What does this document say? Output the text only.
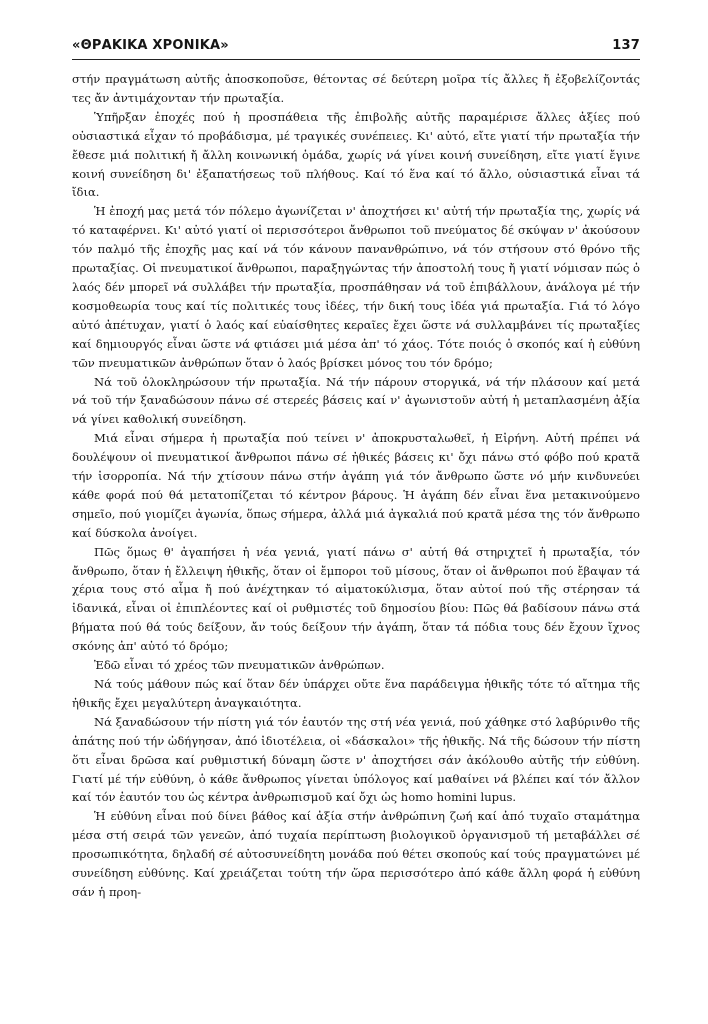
«ΘΡΑΚΙΚΑ ΧΡΟΝΙΚΑ»	137

στήν πραγμάτωση αὐτῆς ἀποσκοποῦσε, θέτοντας σέ δεύτερη μοῖρα τίς ἄλλες ἤ ἐξοβελίζοντάς τες ἄν ἀντιμάχονταν τήν πρωταξία.

Ὑπῆρξαν ἐποχές πού ἡ προσπάθεια τῆς ἐπιβολῆς αὐτῆς παραμέρισε ἄλλες ἀξίες πού οὐσιαστικά εἶχαν τό προβάδισμα, μέ τραγικές συνέπειες. Κι' αὐτό, εἴτε γιατί τήν πρωταξία τήν ἔθεσε μιά πολιτική ἤ ἄλλη κοινωνική ὁμάδα, χωρίς νά γίνει κοινή συνείδηση, εἴτε γιατί ἔγινε κοινή συνείδηση δι' ἐξαπατήσεως τοῦ πλήθους. Καί τό ἕνα καί τό ἄλλο, οὐσιαστικά εἶναι τά ἴδια.

Ἡ ἐποχή μας μετά τόν πόλεμο ἀγωνίζεται ν' ἀποχτήσει κι' αὐτή τήν πρωταξία της, χωρίς νά τό καταφέρνει. Κι' αὐτό γιατί οἱ περισσότεροι ἄνθρωποι τοῦ πνεύματος δέ σκύψαν ν' ἀκούσουν τόν παλμό τῆς ἐποχῆς μας καί νά τόν κάνουν πανανθρώπινο, νά τόν στήσουν στό θρόνο τῆς πρωταξίας. Οἱ πνευματικοί ἄνθρωποι, παραξηγώντας τήν ἀποστολή τους ἤ γιατί νόμισαν πώς ὁ λαός δέν μπορεῖ νά συλλάβει τήν πρωταξία, προσπάθησαν νά τοῦ ἐπιβάλλουν, ἀνάλογα μέ τήν κοσμοθεωρία τους καί τίς πολιτικές τους ἰδέες, τήν δική τους ἰδέα γιά πρωταξία. Γιά τό λόγο αὐτό ἀπέτυχαν, γιατί ὁ λαός καί εὐαίσθητες κεραῖες ἔχει ὥστε νά συλλαμβάνει τίς πρωταξίες καί δημιουργός εἶναι ὥστε νά φτιάσει μιά μέσα ἀπ' τό χάος. Τότε ποιός ὁ σκοπός καί ἡ εὐθύνη τῶν πνευματικῶν ἀνθρώπων ὅταν ὁ λαός βρίσκει μόνος του τόν δρόμο;

Νά τοῦ ὁλοκληρώσουν τήν πρωταξία. Νά τήν πάρουν στοργικά, νά τήν πλάσουν καί μετά νά τοῦ τήν ξαναδώσουν πάνω σέ στερεές βάσεις καί ν' ἀγωνιστοῦν αὐτή ἡ μεταπλασμένη ἀξία νά γίνει καθολική συνείδηση.

Μιά εἶναι σήμερα ἡ πρωταξία πού τείνει ν' ἀποκρυσταλωθεῖ, ἡ Εἰρήνη. Αὐτή πρέπει νά δουλέψουν οἱ πνευματικοί ἄνθρωποι πάνω σέ ἠθικές βάσεις κι' ὄχι πάνω στό φόβο πού κρατᾶ τήν ἰσορροπία. Νά τήν χτίσουν πάνω στήν ἀγάπη γιά τόν ἄνθρωπο ὥστε νό μήν κινδυνεύει κάθε φορά πού θά μετατοπίζεται τό κέντρον βάρους. Ἡ ἀγάπη δέν εἶναι ἕνα μετακινούμενο σημεῖο, πού γιομίζει ἀγωνία, ὅπως σήμερα, ἀλλά μιά ἀγκαλιά πού κρατᾶ μέσα της τόν ἄνθρωπο καί δύσκολα ἀνοίγει.

Πῶς ὅμως θ' ἀγαπήσει ἡ νέα γενιά, γιατί πάνω σ' αὐτή θά στηριχτεῖ ἡ πρωταξία, τόν ἄνθρωπο, ὅταν ἡ ἔλλειψη ἠθικῆς, ὅταν οἱ ἔμποροι τοῦ μίσους, ὅταν οἱ ἄνθρωποι πού ἔβαψαν τά χέρια τους στό αἷμα ἤ πού ἀνέχτηκαν τό αἱματοκύλισμα, ὅταν αὐτοί πού τῆς στέρησαν τά ἰδανικά, εἶναι οἱ ἐπιπλέοντες καί οἱ ρυθμιστές τοῦ δημοσίου βίου: Πῶς θά βαδίσουν πάνω στά βήματα πού θά τούς δείξουν, ἄν τούς δείξουν τήν ἀγάπη, ὅταν τά πόδια τους δέν ἔχουν ἴχνος σκόνης ἀπ' αὐτό τό δρόμο;

Ἐδῶ εἶναι τό χρέος τῶν πνευματικῶν ἀνθρώπων.

Νά τούς μάθουν πώς καί ὅταν δέν ὑπάρχει οὔτε ἕνα παράδειγμα ἠθικῆς τότε τό αἴτημα τῆς ἠθικῆς ἔχει μεγαλύτερη ἀναγκαιότητα.

Νά ξαναδώσουν τήν πίστη γιά τόν ἑαυτόν της στή νέα γενιά, πού χάθηκε στό λαβύρινθο τῆς ἀπάτης πού τήν ὡδήγησαν, ἀπό ἰδιοτέλεια, οἱ «δάσκαλοι» τῆς ἠθικῆς. Νά τῆς δώσουν τήν πίστη ὅτι εἶναι δρῶσα καί ρυθμιστική δύναμη ὥστε ν' ἀποχτήσει σάν ἀκόλουθο αὐτῆς τήν εὐθύνη. Γιατί μέ τήν εὐθύνη, ὁ κάθε ἄνθρωπος γίνεται ὑπόλογος καί μαθαίνει νά βλέπει καί τόν ἄλλον καί τόν ἑαυτόν του ὡς κέντρα ἀνθρωπισμοῦ καί ὄχι ὡς homo homini lupus.

Ἡ εὐθύνη εἶναι πού δίνει βάθος καί ἀξία στήν ἀνθρώπινη ζωή καί ἀπό τυχαῖο σταμάτημα μέσα στή σειρά τῶν γενεῶν, ἀπό τυχαία περίπτωση βιολογικοῦ ὀργανισμοῦ τή μεταβάλλει σέ προσωπικότητα, δηλαδή σέ αὐτοσυνείδητη μονάδα πού θέτει σκοπούς καί τούς πραγματώνει μέ συνείδηση εὐθύνης. Καί χρειάζεται τούτη τήν ὥρα περισσότερο ἀπό κάθε ἄλλη φορά ἡ εὐθύνη σάν ἡ προη-
